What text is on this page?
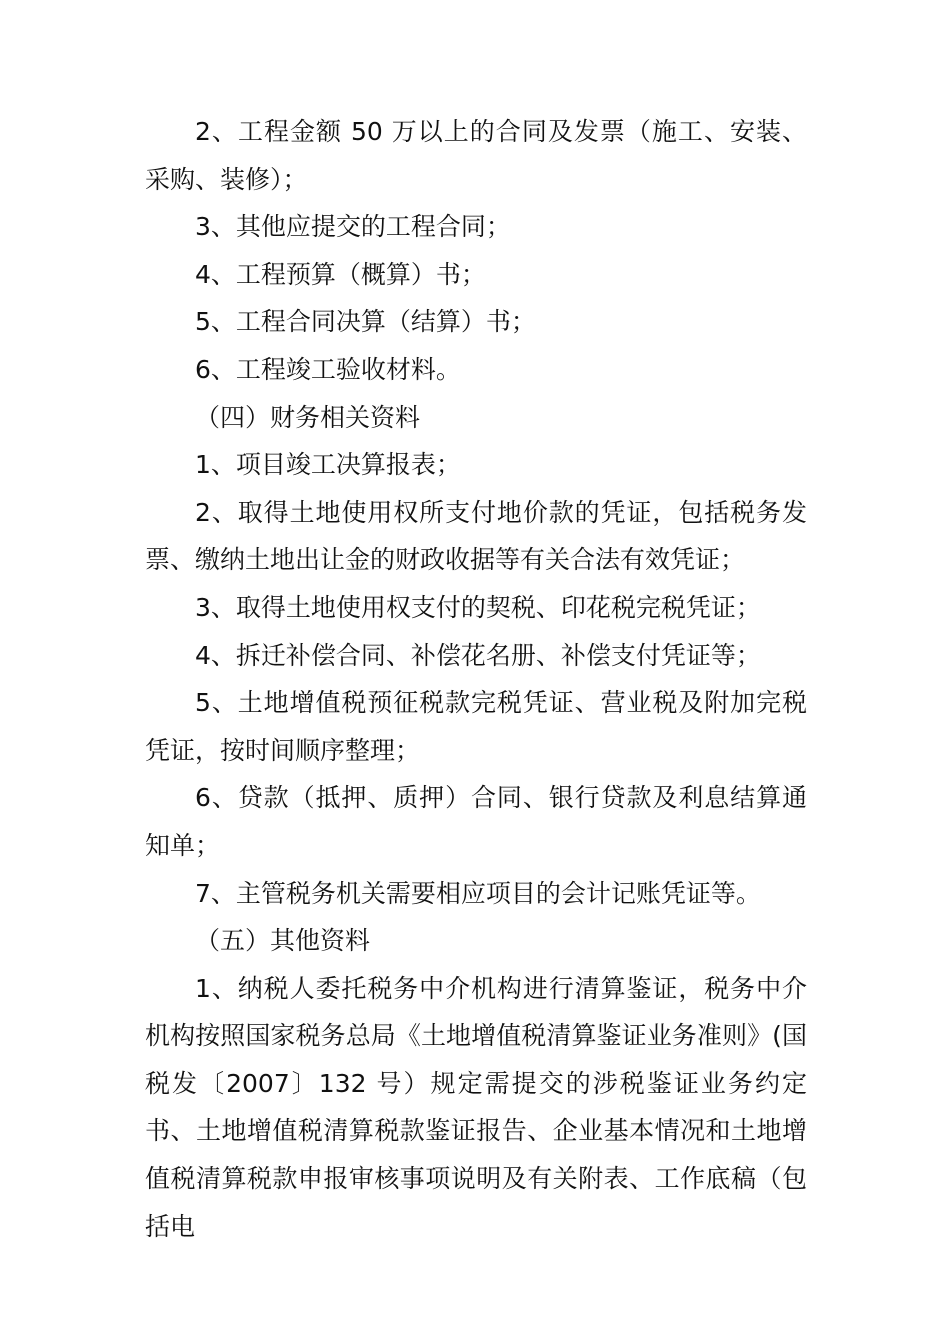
2、工程金额 50 万以上的合同及发票（施工、安装、采购、装修）；

3、其他应提交的工程合同；

4、工程预算（概算）书；

5、工程合同决算（结算）书；

6、工程竣工验收材料。

（四）财务相关资料

1、项目竣工决算报表；

2、取得土地使用权所支付地价款的凭证，包括税务发票、缴纳土地出让金的财政收据等有关合法有效凭证；

3、取得土地使用权支付的契税、印花税完税凭证；

4、拆迁补偿合同、补偿花名册、补偿支付凭证等；

5、土地增值税预征税款完税凭证、营业税及附加完税凭证，按时间顺序整理；

6、贷款（抵押、质押）合同、银行贷款及利息结算通知单；

7、主管税务机关需要相应项目的会计记账凭证等。

（五）其他资料

1、纳税人委托税务中介机构进行清算鉴证，税务中介机构按照国家税务总局《土地增值税清算鉴证业务准则》(国税发〔2007〕132 号）规定需提交的涉税鉴证业务约定书、土地增值税清算税款鉴证报告、企业基本情况和土地增值税清算税款申报审核事项说明及有关附表、工作底稿（包括电
